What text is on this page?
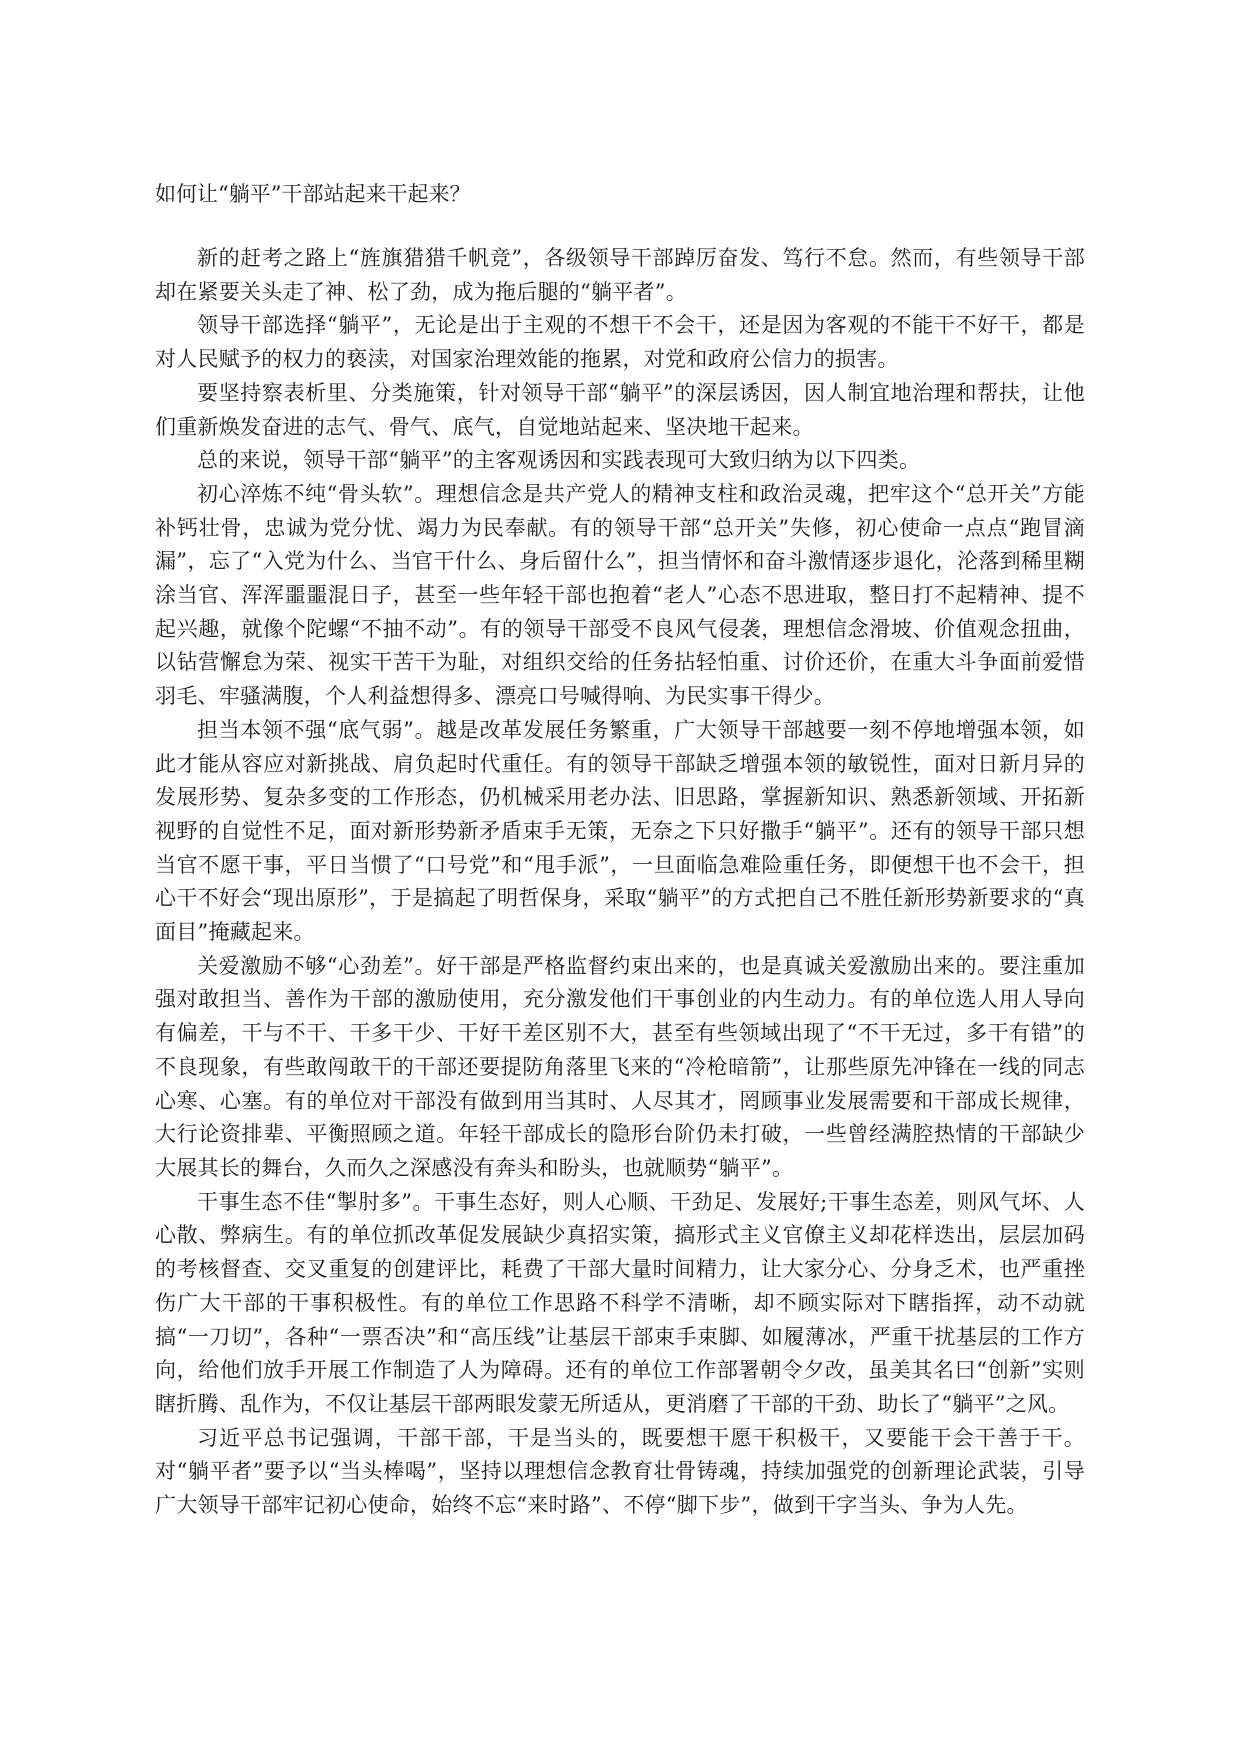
如何让“躺平”干部站起来干起来？

新的赶考之路上“旌旗猎猎千帆竞”，各级领导干部踔厉奋发、笃行不怠。然而，有些领导干部却在紧要关头走了神、松了劲，成为拖后腿的“躺平者”。

领导干部选择“躺平”，无论是出于主观的不想干不会干，还是因为客观的不能干不好干，都是对人民赋予的权力的亵渎，对国家治理效能的拖累，对党和政府公信力的损害。

要坚持察表析里、分类施策，针对领导干部“躺平”的深层诱因，因人制宜地治理和帮扶，让他们重新焕发奋进的志气、骨气、底气，自觉地站起来、坚决地干起来。

总的来说，领导干部“躺平”的主客观诱因和实践表现可大致归纳为以下四类。

初心淬炼不纯“骨头软”。理想信念是共产党人的精神支柱和政治灵魂，把牢这个“总开关”方能补钙壮骨，忠诚为党分忧、竭力为民奉献。有的领导干部“总开关”失修，初心使命一点点“跑冒滴漏”，忘了“入党为什么、当官干什么、身后留什么”，担当情怀和奋斗激情逐步退化，沦落到稀里糊涂当官、浑浑噩噩混日子，甚至一些年轻干部也抱着“老人”心态不思进取，整日打不起精神、提不起兴趣，就像个陀螺“不抽不动”。有的领导干部受不良风气侵袭，理想信念滑坡、价值观念扭曲，以钻营懈怠为荣、视实干苦干为耻，对组织交给的任务拈轻怕重、讨价还价，在重大斗争面前爱惜羽毛、牢骚满腹，个人利益想得多、漂亮口号喊得响、为民实事干得少。

担当本领不强“底气弱”。越是改革发展任务繁重，广大领导干部越要一刻不停地增强本领，如此才能从容应对新挑战、肩负起时代重任。有的领导干部缺乏增强本领的敏锐性，面对日新月异的发展形势、复杂多变的工作形态，仍机械采用老办法、旧思路，掌握新知识、熟悉新领域、开拓新视野的自觉性不足，面对新形势新矛盾束手无策，无奈之下只好撒手“躺平”。还有的领导干部只想当官不愿干事，平日当惯了“口号党”和“甩手派”，一旦面临急难险重任务，即便想干也不会干，担心干不好会“现出原形”，于是搞起了明哲保身，采取“躺平”的方式把自己不胜任新形势新要求的“真面目”掩藏起来。

关爱激励不够“心劲差”。好干部是严格监督约束出来的，也是真诚关爱激励出来的。要注重加强对敢担当、善作为干部的激励使用，充分激发他们干事创业的内生动力。有的单位选人用人导向有偏差，干与不干、干多干少、干好干差区别不大，甚至有些领域出现了“不干无过，多干有错”的不良现象，有些敢闯敢干的干部还要提防角落里飞来的“冷枪暗箭”，让那些原先冲锋在一线的同志心寒、心塞。有的单位对干部没有做到用当其时、人尽其才，罔顾事业发展需要和干部成长规律，大行论资排辈、平衡照顾之道。年轻干部成长的隐形台阶仍未打破，一些曾经满腔热情的干部缺少大展其长的舞台，久而久之深感没有奔头和盼头，也就顺势“躺平”。

干事生态不佳“掣肘多”。干事生态好，则人心顺、干劲足、发展好;干事生态差，则风气坏、人心散、弊病生。有的单位抓改革促发展缺少真招实策，搞形式主义官僚主义却花样迭出，层层加码的考核督查、交叉重复的创建评比，耗费了干部大量时间精力，让大家分心、分身乏术，也严重挫伤广大干部的干事积极性。有的单位工作思路不科学不清晰，却不顾实际对下瞎指挥，动不动就搞“一刀切”，各种“一票否决”和“高压线”让基层干部束手束脚、如履薄冰，严重干扰基层的工作方向，给他们放手开展工作制造了人为障碍。还有的单位工作部署朝令夕改，虽美其名曰“创新”实则瞎折腾、乱作为，不仅让基层干部两眼发蒙无所适从，更消磨了干部的干劲、助长了“躺平”之风。

习近平总书记强调，干部干部，干是当头的，既要想干愿干积极干，又要能干会干善于干。对“躺平者”要予以“当头棒喝”，坚持以理想信念教育壮骨铸魂，持续加强党的创新理论武装，引导广大领导干部牢记初心使命，始终不忘“来时路”、不停“脚下步”，做到干字当头、争为人先。
